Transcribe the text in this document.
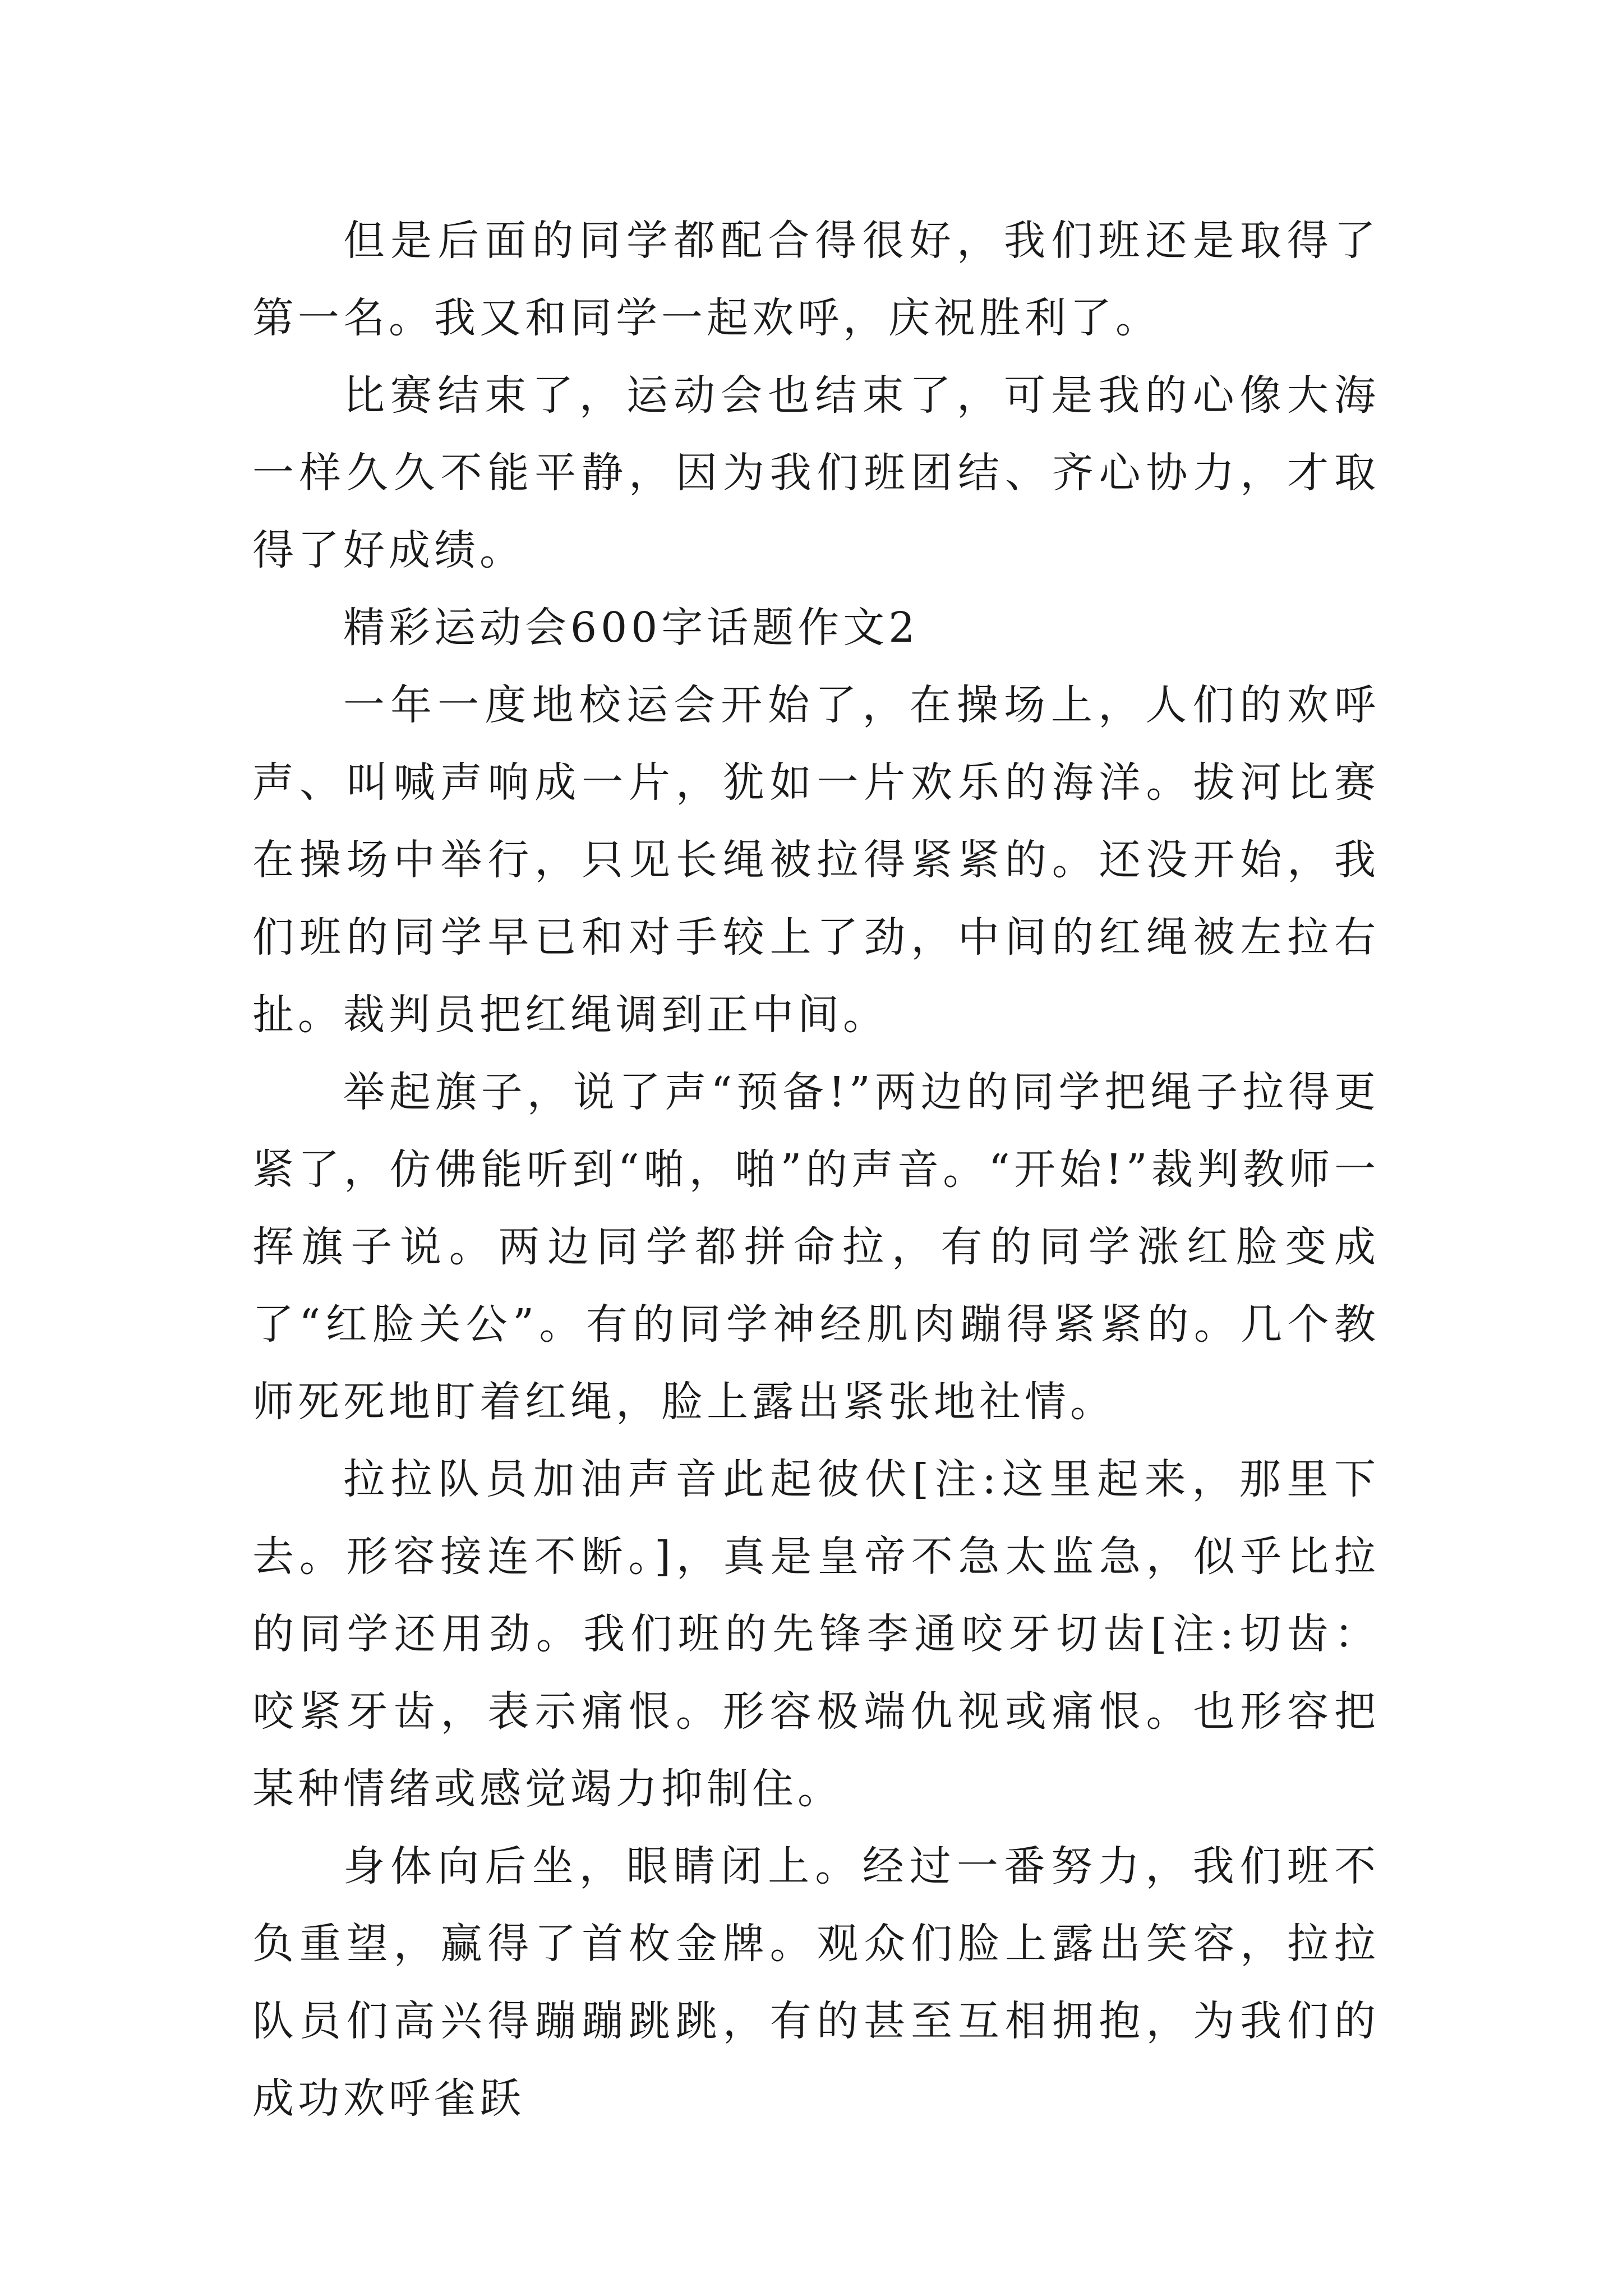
但是后面的同学都配合得很好，我们班还是取得了第一名。我又和同学一起欢呼，庆祝胜利了。

比赛结束了，运动会也结束了，可是我的心像大海一样久久不能平静，因为我们班团结、齐心协力，才取得了好成绩。

精彩运动会600字话题作文2

一年一度地校运会开始了，在操场上，人们的欢呼声、叫喊声响成一片，犹如一片欢乐的海洋。拔河比赛在操场中举行，只见长绳被拉得紧紧的。还没开始，我们班的同学早已和对手较上了劲，中间的红绳被左拉右扯。裁判员把红绳调到正中间。

举起旗子，说了声“预备!”两边的同学把绳子拉得更紧了，仿佛能听到“啪，啪”的声音。“开始!”裁判教师一挥旗子说。两边同学都拼命拉，有的同学涨红脸变成了“红脸关公”。有的同学神经肌肉蹦得紧紧的。几个教师死死地盯着红绳，脸上露出紧张地社情。

拉拉队员加油声音此起彼伏[注:这里起来，那里下去。形容接连不断。]，真是皇帝不急太监急，似乎比拉的同学还用劲。我们班的先锋李通咬牙切齿[注:切齿：咬紧牙齿，表示痛恨。形容极端仇视或痛恨。也形容把某种情绪或感觉竭力抑制住。

身体向后坐，眼睛闭上。经过一番努力，我们班不负重望，赢得了首枚金牌。观众们脸上露出笑容，拉拉队员们高兴得蹦蹦跳跳，有的甚至互相拥抱，为我们的成功欢呼雀跃
